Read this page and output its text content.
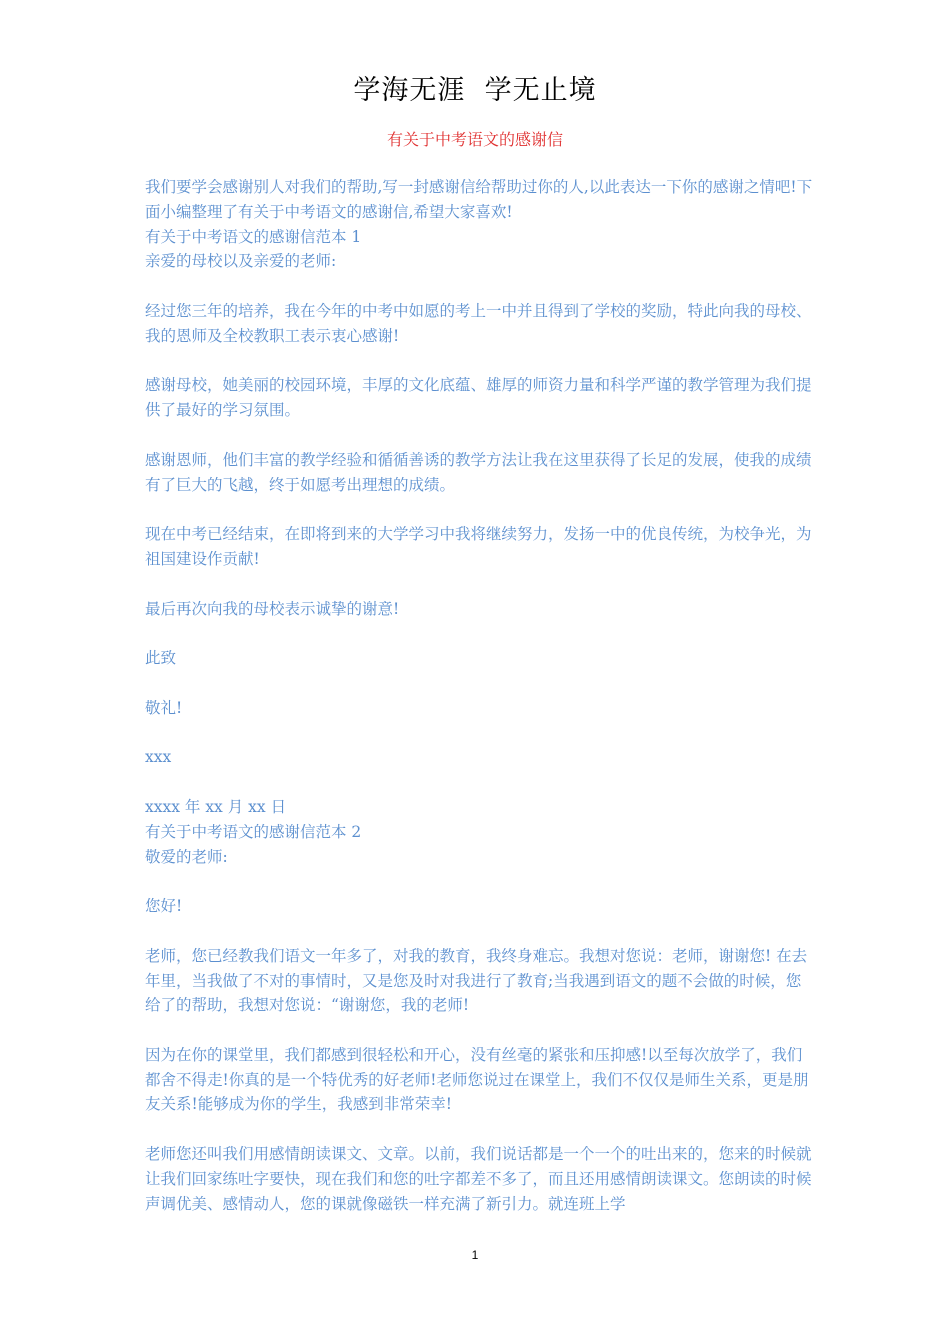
学海无涯  学无止境
有关于中考语文的感谢信

我们要学会感谢别人对我们的帮助,写一封感谢信给帮助过你的人,以此表达一下你的感谢之情吧!下面小编整理了有关于中考语文的感谢信,希望大家喜欢!

有关于中考语文的感谢信范本 1

亲爱的母校以及亲爱的老师:

经过您三年的培养，我在今年的中考中如愿的考上一中并且得到了学校的奖励，特此向我的母校、我的恩师及全校教职工表示衷心感谢!

感谢母校，她美丽的校园环境，丰厚的文化底蕴、雄厚的师资力量和科学严谨的教学管理为我们提供了最好的学习氛围。

感谢恩师，他们丰富的教学经验和循循善诱的教学方法让我在这里获得了长足的发展，使我的成绩有了巨大的飞越，终于如愿考出理想的成绩。

现在中考已经结束，在即将到来的大学学习中我将继续努力，发扬一中的优良传统，为校争光，为祖国建设作贡献!

最后再次向我的母校表示诚挚的谢意!

此致

敬礼!

xxx

xxxx 年 xx 月 xx 日

有关于中考语文的感谢信范本 2

敬爱的老师:

您好!

老师，您已经教我们语文一年多了，对我的教育，我终身难忘。我想对您说：老师，谢谢您! 在去年里，当我做了不对的事情时，又是您及时对我进行了教育;当我遇到语文的题不会做的时候，您给了的帮助，我想对您说：“谢谢您，我的老师!

因为在你的课堂里，我们都感到很轻松和开心，没有丝毫的紧张和压抑感!以至每次放学了，我们都舍不得走!你真的是一个特优秀的好老师!老师您说过在课堂上，我们不仅仅是师生关系，更是朋友关系!能够成为你的学生，我感到非常荣幸!

老师您还叫我们用感情朗读课文、文章。以前，我们说话都是一个一个的吐出来的，您来的时候就让我们回家练吐字要快，现在我们和您的吐字都差不多了，而且还用感情朗读课文。您朗读的时候声调优美、感情动人，您的课就像磁铁一样充满了新引力。就连班上学

1
